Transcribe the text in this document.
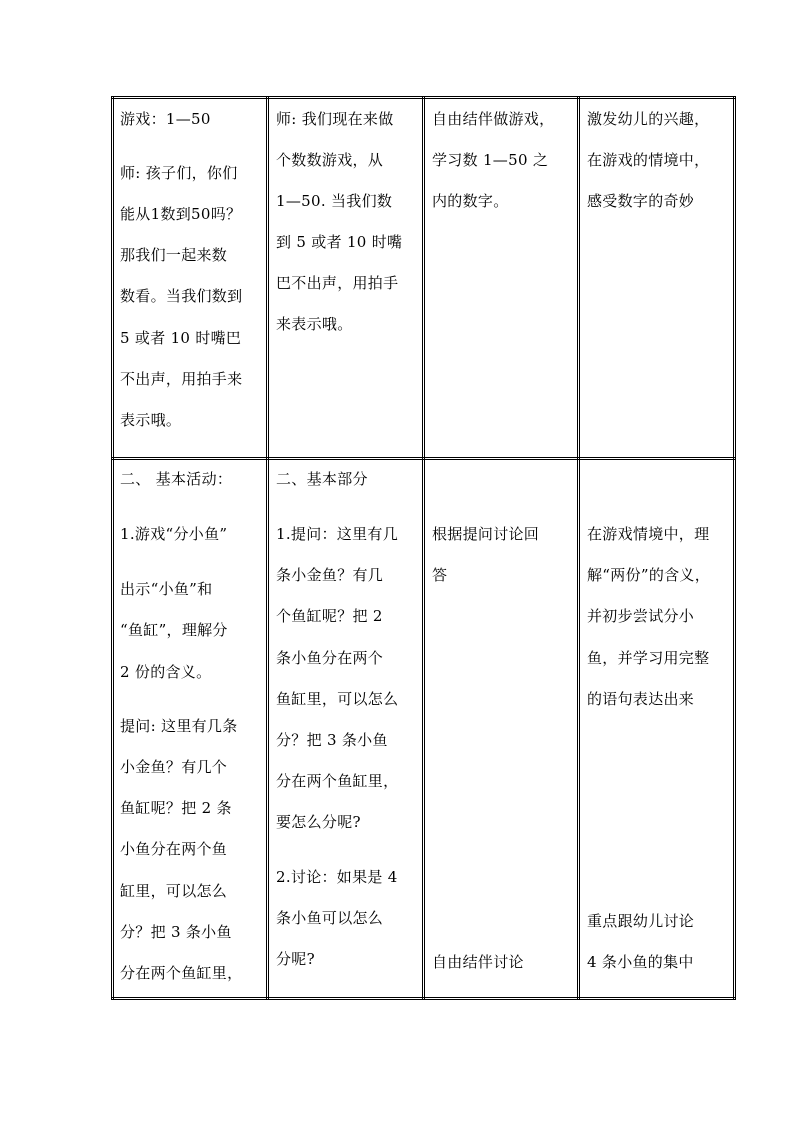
游戏：1—50
师: 孩子们，你们
能从1数到50吗？
那我们一起来数
数看。当我们数到
5 或者 10 时嘴巴
不出声，用拍手来
表示哦。
师: 我们现在来做
个数数游戏，从
1—50. 当我们数
到 5 或者 10 时嘴
巴不出声，用拍手
来表示哦。
自由结伴做游戏，
学习数 1—50 之
内的数字。
激发幼儿的兴趣，
在游戏的情境中，
感受数字的奇妙
二、 基本活动：
1.游戏“分小鱼”
出示“小鱼”和
“鱼缸”，理解分
2 份的含义。
提问: 这里有几条
小金鱼？有几个
鱼缸呢？把 2 条
小鱼分在两个鱼
缸里，可以怎么
分？把 3 条小鱼
分在两个鱼缸里，
二、基本部分
1.提问：这里有几
条小金鱼？有几
个鱼缸呢？把 2
条小鱼分在两个
鱼缸里，可以怎么
分？把 3 条小鱼
分在两个鱼缸里，
要怎么分呢?
2.讨论：如果是 4
条小鱼可以怎么
分呢?
根据提问讨论回
答
自由结伴讨论
在游戏情境中，理
解“两份”的含义，
并初步尝试分小
鱼，并学习用完整
的语句表达出来
重点跟幼儿讨论
4 条小鱼的集中
